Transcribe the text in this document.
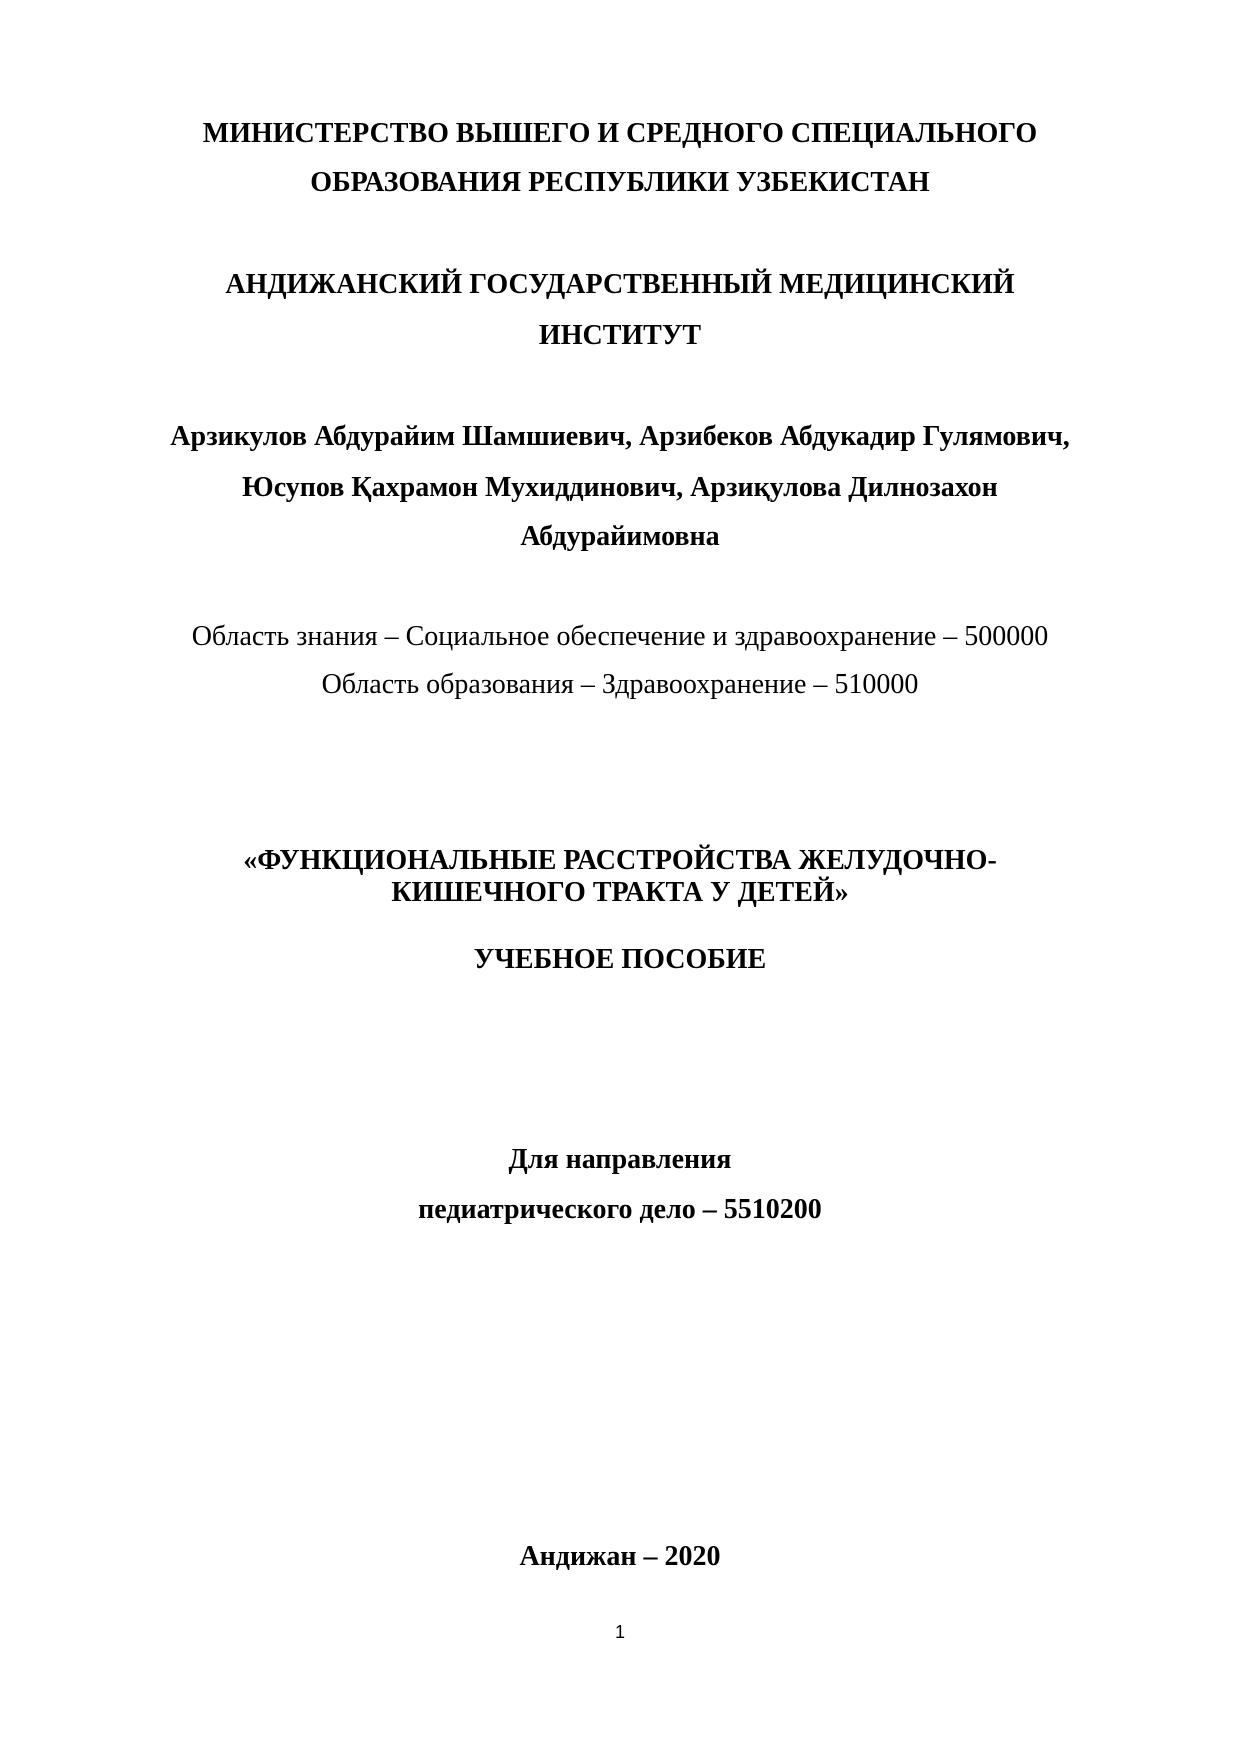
МИНИСТЕРСТВО ВЫШЕГО И СРЕДНОГО СПЕЦИАЛЬНОГО
ОБРАЗОВАНИЯ РЕСПУБЛИКИ УЗБЕКИСТАН
АНДИЖАНСКИЙ ГОСУДАРСТВЕННЫЙ МЕДИЦИНСКИЙ
ИНСТИТУТ
Арзикулов Абдурайим Шамшиевич, Арзибеков Абдукадир Гулямович,
Юсупов Қахрамон Мухиддинович, Арзиқулова Дилнозахон
Абдурайимовна
Область знания – Социальное обеспечение и здравоохранение – 500000
Область образования – Здравоохранение – 510000
«ФУНКЦИОНАЛЬНЫЕ РАССТРОЙСТВА ЖЕЛУДОЧНО-
КИШЕЧНОГО ТРАКТА У ДЕТЕЙ»
УЧЕБНОЕ ПОСОБИЕ
Для направления
педиатрического дело – 5510200
Андижан – 2020
1
